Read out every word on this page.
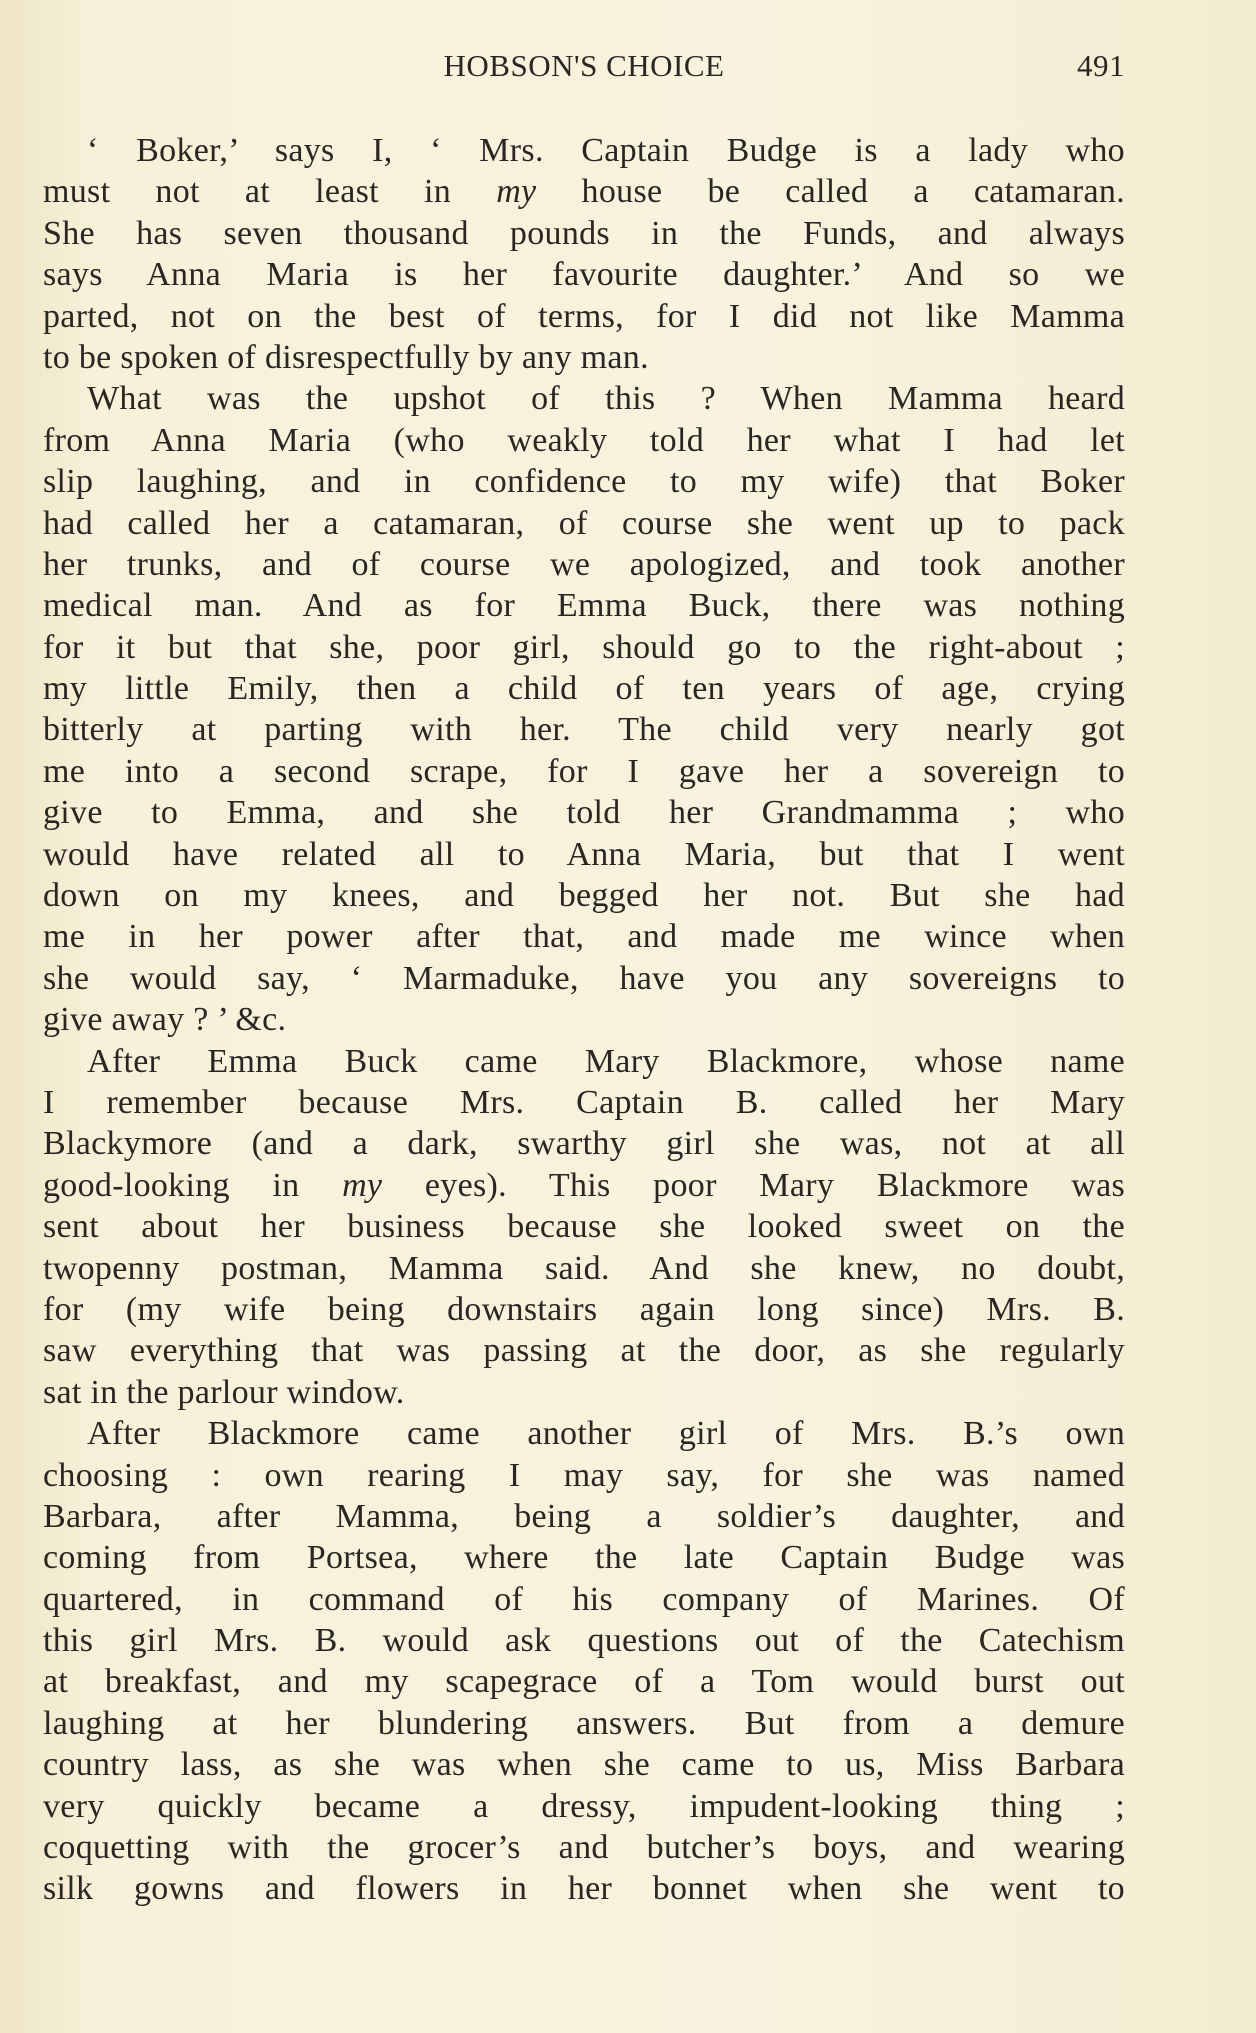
HOBSON'S CHOICE	491
‘ Boker,’ says I, ‘ Mrs. Captain Budge is a lady who
must not at least in my house be called a catamaran.
She has seven thousand pounds in the Funds, and always
says Anna Maria is her favourite daughter.’ And so we
parted, not on the best of terms, for I did not like Mamma
to be spoken of disrespectfully by any man.
What was the upshot of this ? When Mamma heard
from Anna Maria (who weakly told her what I had let
slip laughing, and in confidence to my wife) that Boker
had called her a catamaran, of course she went up to pack
her trunks, and of course we apologized, and took another
medical man. And as for Emma Buck, there was nothing
for it but that she, poor girl, should go to the right-about ;
my little Emily, then a child of ten years of age, crying
bitterly at parting with her. The child very nearly got
me into a second scrape, for I gave her a sovereign to
give to Emma, and she told her Grandmamma ; who
would have related all to Anna Maria, but that I went
down on my knees, and begged her not. But she had
me in her power after that, and made me wince when
she would say, ‘ Marmaduke, have you any sovereigns to
give away ? ’ &c.
After Emma Buck came Mary Blackmore, whose name
I remember because Mrs. Captain B. called her Mary
Blackymore (and a dark, swarthy girl she was, not at all
good-looking in my eyes). This poor Mary Blackmore was
sent about her business because she looked sweet on the
twopenny postman, Mamma said. And she knew, no doubt,
for (my wife being downstairs again long since) Mrs. B.
saw everything that was passing at the door, as she regularly
sat in the parlour window.
After Blackmore came another girl of Mrs. B.’s own
choosing : own rearing I may say, for she was named
Barbara, after Mamma, being a soldier’s daughter, and
coming from Portsea, where the late Captain Budge was
quartered, in command of his company of Marines. Of
this girl Mrs. B. would ask questions out of the Catechism
at breakfast, and my scapegrace of a Tom would burst out
laughing at her blundering answers. But from a demure
country lass, as she was when she came to us, Miss Barbara
very quickly became a dressy, impudent-looking thing ;
coquetting with the grocer’s and butcher’s boys, and wearing
silk gowns and flowers in her bonnet when she went to
